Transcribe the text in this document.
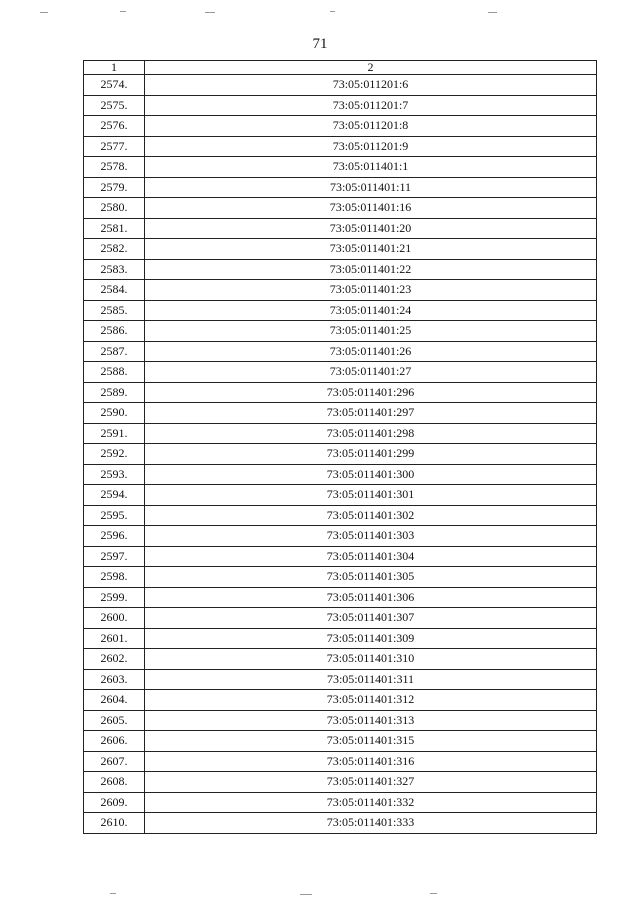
71
1	2
2574.	73:05:011201:6
2575.	73:05:011201:7
2576.	73:05:011201:8
2577.	73:05:011201:9
2578.	73:05:011401:1
2579.	73:05:011401:11
2580.	73:05:011401:16
2581.	73:05:011401:20
2582.	73:05:011401:21
2583.	73:05:011401:22
2584.	73:05:011401:23
2585.	73:05:011401:24
2586.	73:05:011401:25
2587.	73:05:011401:26
2588.	73:05:011401:27
2589.	73:05:011401:296
2590.	73:05:011401:297
2591.	73:05:011401:298
2592.	73:05:011401:299
2593.	73:05:011401:300
2594.	73:05:011401:301
2595.	73:05:011401:302
2596.	73:05:011401:303
2597.	73:05:011401:304
2598.	73:05:011401:305
2599.	73:05:011401:306
2600.	73:05:011401:307
2601.	73:05:011401:309
2602.	73:05:011401:310
2603.	73:05:011401:311
2604.	73:05:011401:312
2605.	73:05:011401:313
2606.	73:05:011401:315
2607.	73:05:011401:316
2608.	73:05:011401:327
2609.	73:05:011401:332
2610.	73:05:011401:333
